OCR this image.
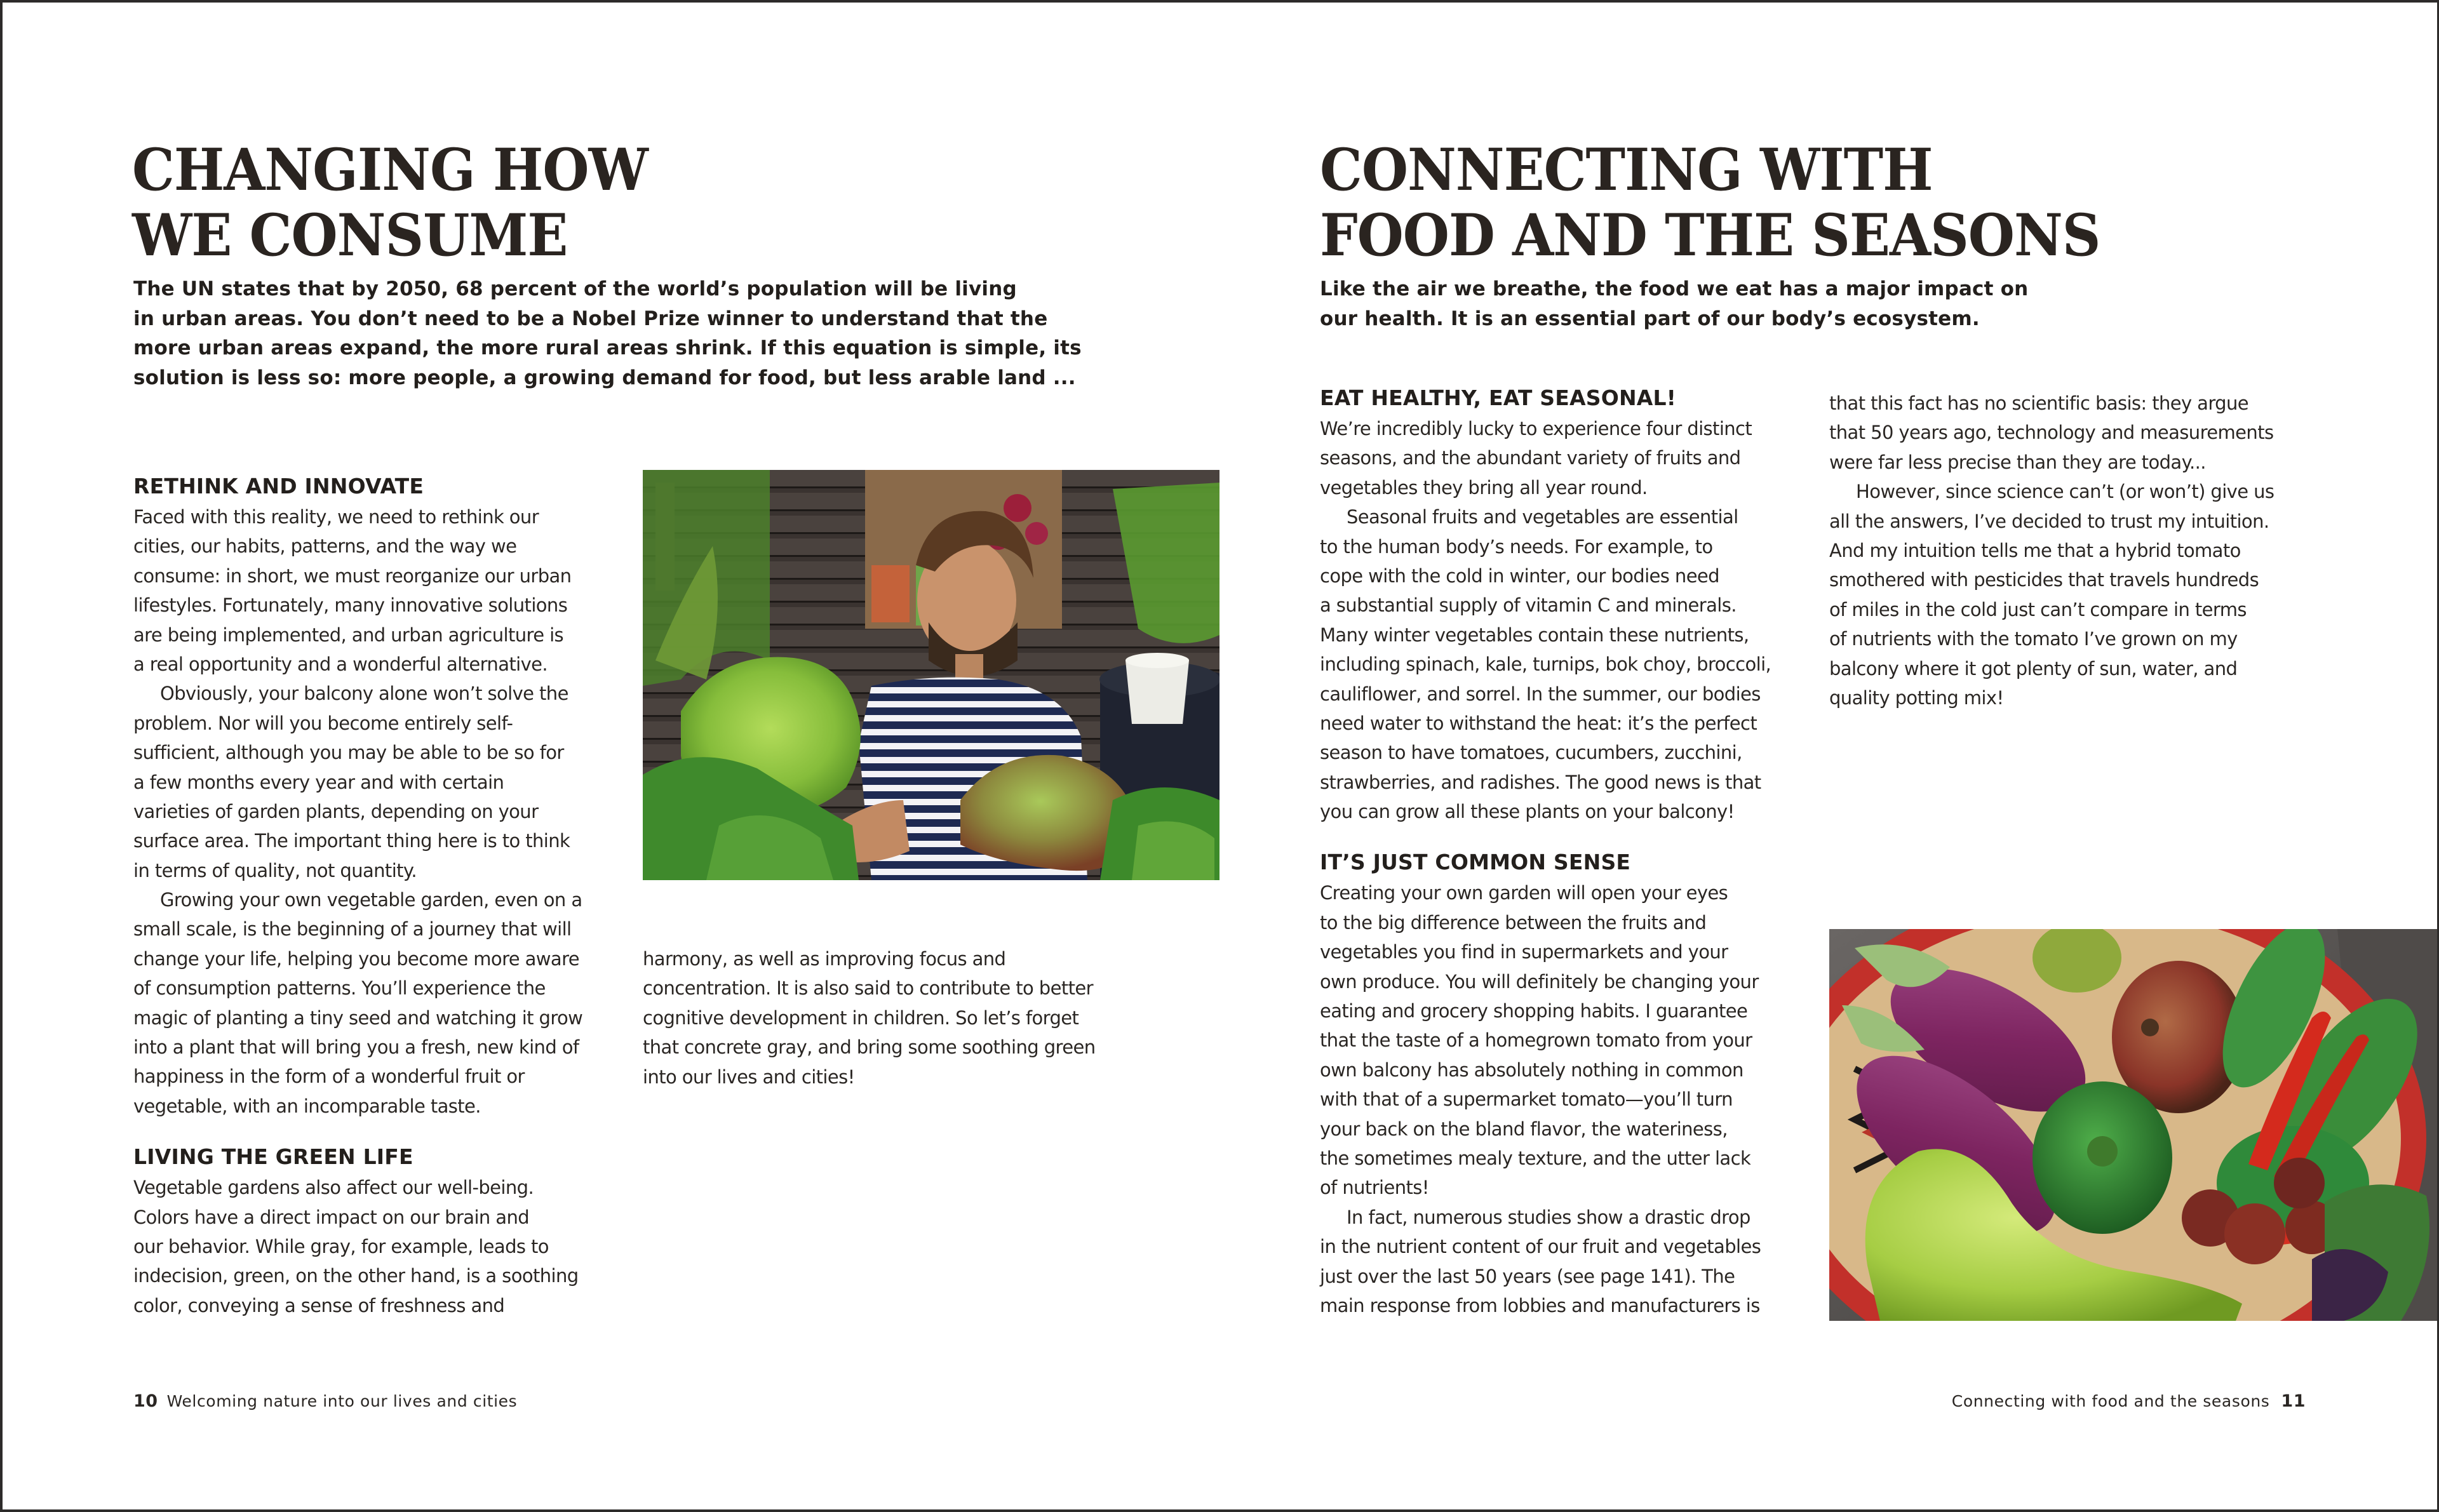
CHANGING HOW
WE CONSUME

The UN states that by 2050, 68 percent of the world’s population will be living
in urban areas. You don’t need to be a Nobel Prize winner to understand that the
more urban areas expand, the more rural areas shrink. If this equation is simple, its
solution is less so: more people, a growing demand for food, but less arable land ...

RETHINK AND INNOVATE
Faced with this reality, we need to rethink our
cities, our habits, patterns, and the way we
consume: in short, we must reorganize our urban
lifestyles. Fortunately, many innovative solutions
are being implemented, and urban agriculture is
a real opportunity and a wonderful alternative.
Obviously, your balcony alone won’t solve the
problem. Nor will you become entirely self-
sufficient, although you may be able to be so for
a few months every year and with certain
varieties of garden plants, depending on your
surface area. The important thing here is to think
in terms of quality, not quantity.
Growing your own vegetable garden, even on a
small scale, is the beginning of a journey that will
change your life, helping you become more aware
of consumption patterns. You’ll experience the
magic of planting a tiny seed and watching it grow
into a plant that will bring you a fresh, new kind of
happiness in the form of a wonderful fruit or
vegetable, with an incomparable taste.
LIVING THE GREEN LIFE
Vegetable gardens also affect our well-being.
Colors have a direct impact on our brain and
our behavior. While gray, for example, leads to
indecision, green, on the other hand, is a soothing
color, conveying a sense of freshness and
harmony, as well as improving focus and
concentration. It is also said to contribute to better
cognitive development in children. So let’s forget
that concrete gray, and bring some soothing green
into our lives and cities!
10 Welcoming nature into our lives and cities
CONNECTING WITH
FOOD AND THE SEASONS

Like the air we breathe, the food we eat has a major impact on
our health. It is an essential part of our body’s ecosystem.

EAT HEALTHY, EAT SEASONAL!
We’re incredibly lucky to experience four distinct
seasons, and the abundant variety of fruits and
vegetables they bring all year round.
Seasonal fruits and vegetables are essential
to the human body’s needs. For example, to
cope with the cold in winter, our bodies need
a substantial supply of vitamin C and minerals.
Many winter vegetables contain these nutrients,
including spinach, kale, turnips, bok choy, broccoli,
cauliflower, and sorrel. In the summer, our bodies
need water to withstand the heat: it’s the perfect
season to have tomatoes, cucumbers, zucchini,
strawberries, and radishes. The good news is that
you can grow all these plants on your balcony!
IT’S JUST COMMON SENSE
Creating your own garden will open your eyes
to the big difference between the fruits and
vegetables you find in supermarkets and your
own produce. You will definitely be changing your
eating and grocery shopping habits. I guarantee
that the taste of a homegrown tomato from your
own balcony has absolutely nothing in common
with that of a supermarket tomato—you’ll turn
your back on the bland flavor, the wateriness,
the sometimes mealy texture, and the utter lack
of nutrients!
In fact, numerous studies show a drastic drop
in the nutrient content of our fruit and vegetables
just over the last 50 years (see page 141). The
main response from lobbies and manufacturers is
that this fact has no scientific basis: they argue
that 50 years ago, technology and measurements
were far less precise than they are today...
However, since science can’t (or won’t) give us
all the answers, I’ve decided to trust my intuition.
And my intuition tells me that a hybrid tomato
smothered with pesticides that travels hundreds
of miles in the cold just can’t compare in terms
of nutrients with the tomato I’ve grown on my
balcony where it got plenty of sun, water, and
quality potting mix!
Connecting with food and the seasons 11
